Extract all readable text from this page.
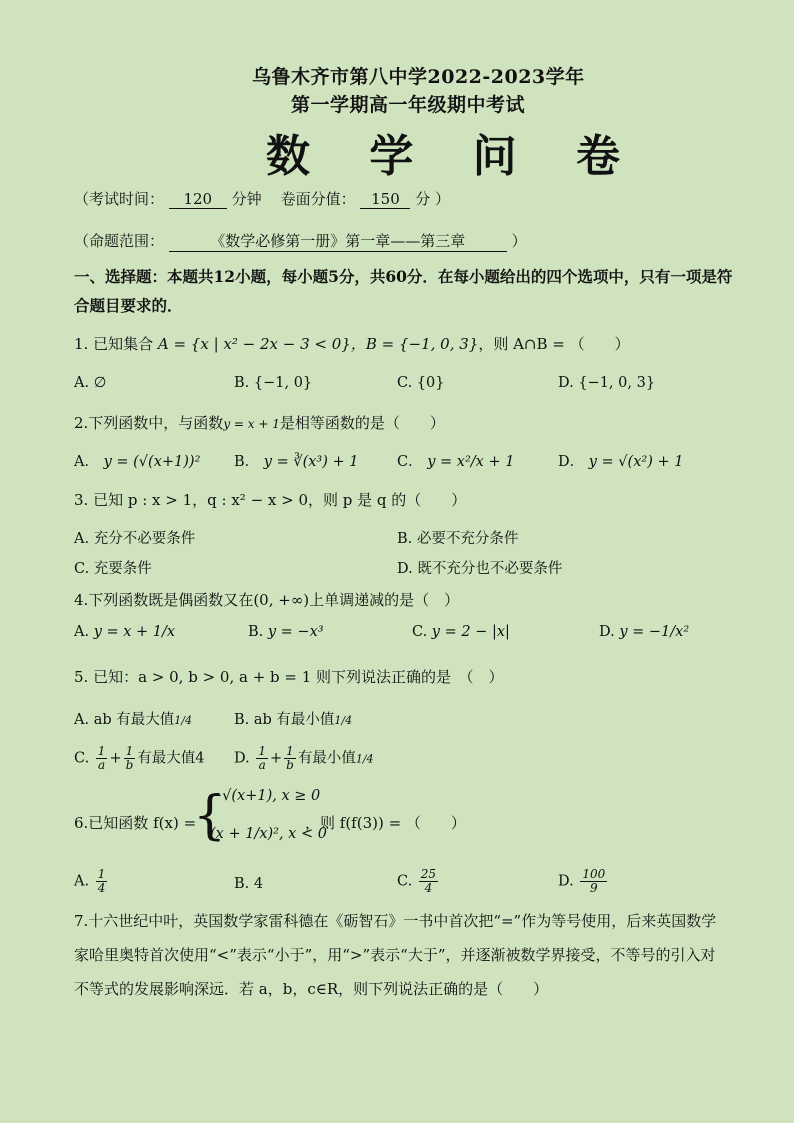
乌鲁木齐市第八中学2022-2023学年
第一学期高一年级期中考试
数 学 问 卷
（考试时间： 120 分钟 卷面分值： 150 分 ）
（命题范围：	《数学必修第一册》第一章——第三章	）
一、选择题：本题共12小题，每小题5分，共60分．在每小题给出的四个选项中，只有一项是符合题目要求的．
1. 已知集合 A = {x | x² − 2x − 3 < 0}，B = {−1, 0, 3}，则 A∩B = （　　）
A. ∅	B. {−1, 0}	C. {0}	D. {−1, 0, 3}
2.下列函数中，与函数y = x + 1是相等函数的是（　　）
A． y = (√(x+1))² B． y = ∛(x³) + 1	C． y = x²/x + 1	D． y = √(x²) + 1
3. 已知 p : x > 1，q : x² − x > 0，则 p 是 q 的（　　）
A. 充分不必要条件	B. 必要不充分条件
C. 充要条件	D. 既不充分也不必要条件
4.下列函数既是偶函数又在(0, +∞)上单调递减的是（　）
A. y = x + 1/x	B. y = −x³	C. y = 2 − |x|	D. y = −1/x²
5. 已知：a > 0, b > 0, a + b = 1 则下列说法正确的是　（　）
A. ab 有最大值1/4	B. ab 有最小值1/4
C. $\frac{1}{a} + \frac{1}{b}$ 有最大值4 D. $\frac{1}{a} + \frac{1}{b}$ 有最小值1/4
6.已知函数 f(x) =
{
−√(x+1), x ≥ 0
(x + 1/x)², x < 0
，则 f(f(3)) = （　　）
A. $\frac{1}{4}$	B. 4	C. $\frac{25}{4}$	D. $\frac{100}{9}$
7.十六世纪中叶，英国数学家雷科德在《砺智石》一书中首次把“=”作为等号使用，后来英国数学家哈里奥特首次使用“<”表示“小于”，用“>”表示“大于”，并逐渐被数学界接受，不等号的引入对不等式的发展影响深远．若 a，b，c∈R，则下列说法正确的是（　　）
